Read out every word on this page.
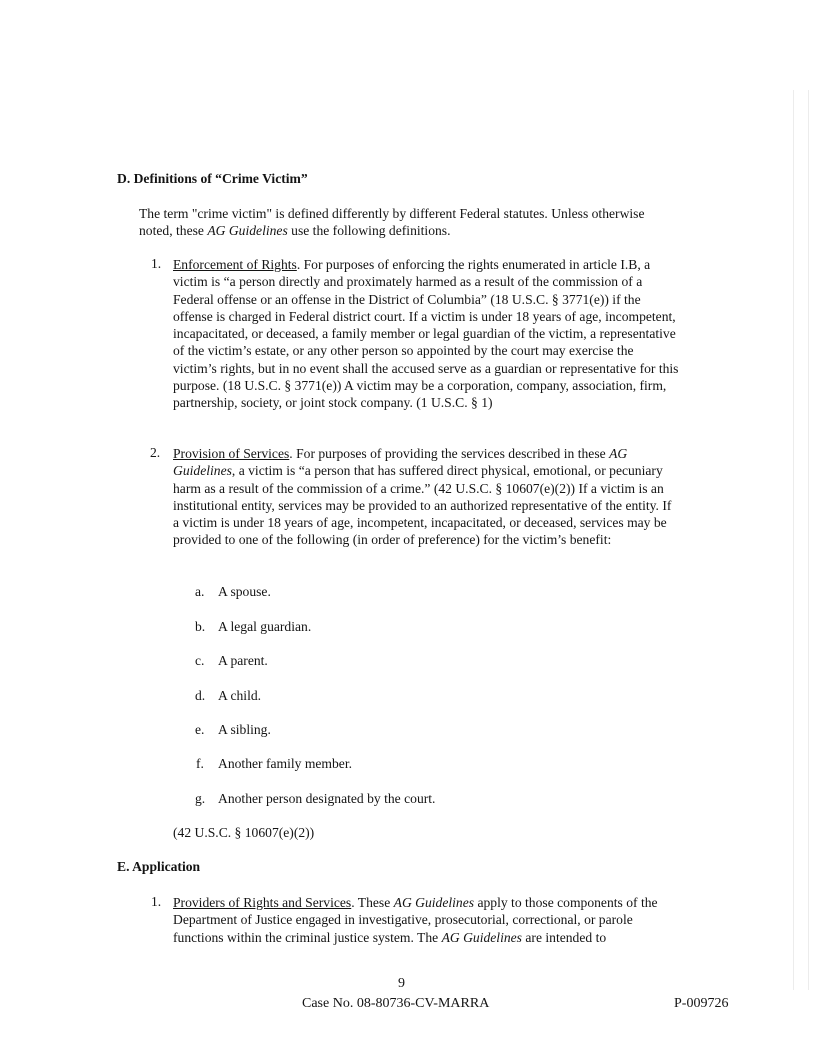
D. Definitions of “Crime Victim”
The term "crime victim" is defined differently by different Federal statutes. Unless otherwise noted, these AG Guidelines use the following definitions.
1. Enforcement of Rights. For purposes of enforcing the rights enumerated in article I.B, a victim is “a person directly and proximately harmed as a result of the commission of a Federal offense or an offense in the District of Columbia” (18 U.S.C. § 3771(e)) if the offense is charged in Federal district court. If a victim is under 18 years of age, incompetent, incapacitated, or deceased, a family member or legal guardian of the victim, a representative of the victim’s estate, or any other person so appointed by the court may exercise the victim’s rights, but in no event shall the accused serve as a guardian or representative for this purpose. (18 U.S.C. § 3771(e)) A victim may be a corporation, company, association, firm, partnership, society, or joint stock company. (1 U.S.C. § 1)
2. Provision of Services. For purposes of providing the services described in these AG Guidelines, a victim is “a person that has suffered direct physical, emotional, or pecuniary harm as a result of the commission of a crime.” (42 U.S.C. § 10607(e)(2)) If a victim is an institutional entity, services may be provided to an authorized representative of the entity. If a victim is under 18 years of age, incompetent, incapacitated, or deceased, services may be provided to one of the following (in order of preference) for the victim’s benefit:
a. A spouse.
b. A legal guardian.
c. A parent.
d. A child.
e. A sibling.
f. Another family member.
g. Another person designated by the court.
(42 U.S.C. § 10607(e)(2))
E. Application
1. Providers of Rights and Services. These AG Guidelines apply to those components of the Department of Justice engaged in investigative, prosecutorial, correctional, or parole functions within the criminal justice system. The AG Guidelines are intended to
9
Case No. 08-80736-CV-MARRA	P-009726
